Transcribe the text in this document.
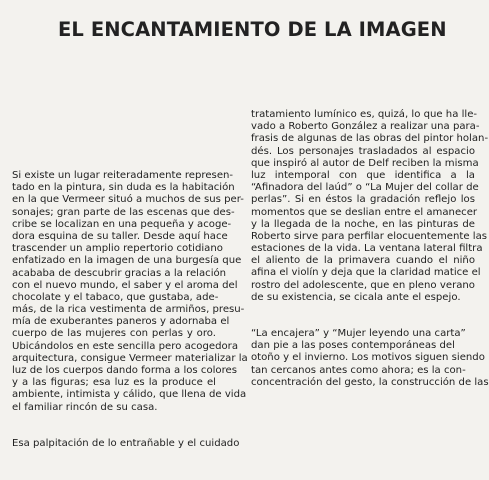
EL ENCANTAMIENTO DE LA IMAGEN
Si existe un lugar reiteradamente represen-
tado en la pintura, sin duda es la habitación
en la que Vermeer situó a muchos de sus per-
sonajes; gran parte de las escenas que des-
cribe se localizan en una pequeña y acoge-
dora esquina de su taller. Desde aquí hace
trascender un amplio repertorio cotidiano
enfatizado en la imagen de una burgesía que
acababa de descubrir gracias a la relación
con el nuevo mundo, el saber y el aroma del
chocolate y el tabaco, que gustaba, ade-
más, de la rica vestimenta de armiños, presu-
mía de exuberantes paneros y adornaba el
cuerpo de las mujeres con perlas y oro.
Ubicándolos en este sencilla pero acogedora
arquitectura, consigue Vermeer materializar la
luz de los cuerpos dando forma a los colores
y a las figuras; esa luz es la produce el
ambiente, intimista y cálido, que llena de vida
el familiar rincón de su casa.
Esa palpitación de lo entrañable y el cuidado
tratamiento lumínico es, quizá, lo que ha lle-
vado a Roberto González a realizar una para-
frasis de algunas de las obras del pintor holan-
dés. Los personajes trasladados al espacio
que inspiró al autor de Delf reciben la misma
luz intemporal con que identifica a la
“Afinadora del laúd” o “La Mujer del collar de
perlas”. Si en éstos la gradación reflejo los
momentos que se deslian entre el amanecer
y la llegada de la noche, en las pinturas de
Roberto sirve para perfilar elocuentemente las
estaciones de la vida. La ventana lateral filtra
el aliento de la primavera cuando el niño
afina el violín y deja que la claridad matice el
rostro del adolescente, que en pleno verano
de su existencia, se cicala ante el espejo.
“La encajera” y “Mujer leyendo una carta”
dan pie a las poses contemporáneas del
otoño y el invierno. Los motivos siguen siendo
tan cercanos antes como ahora; es la con-
concentración del gesto, la construcción de las
